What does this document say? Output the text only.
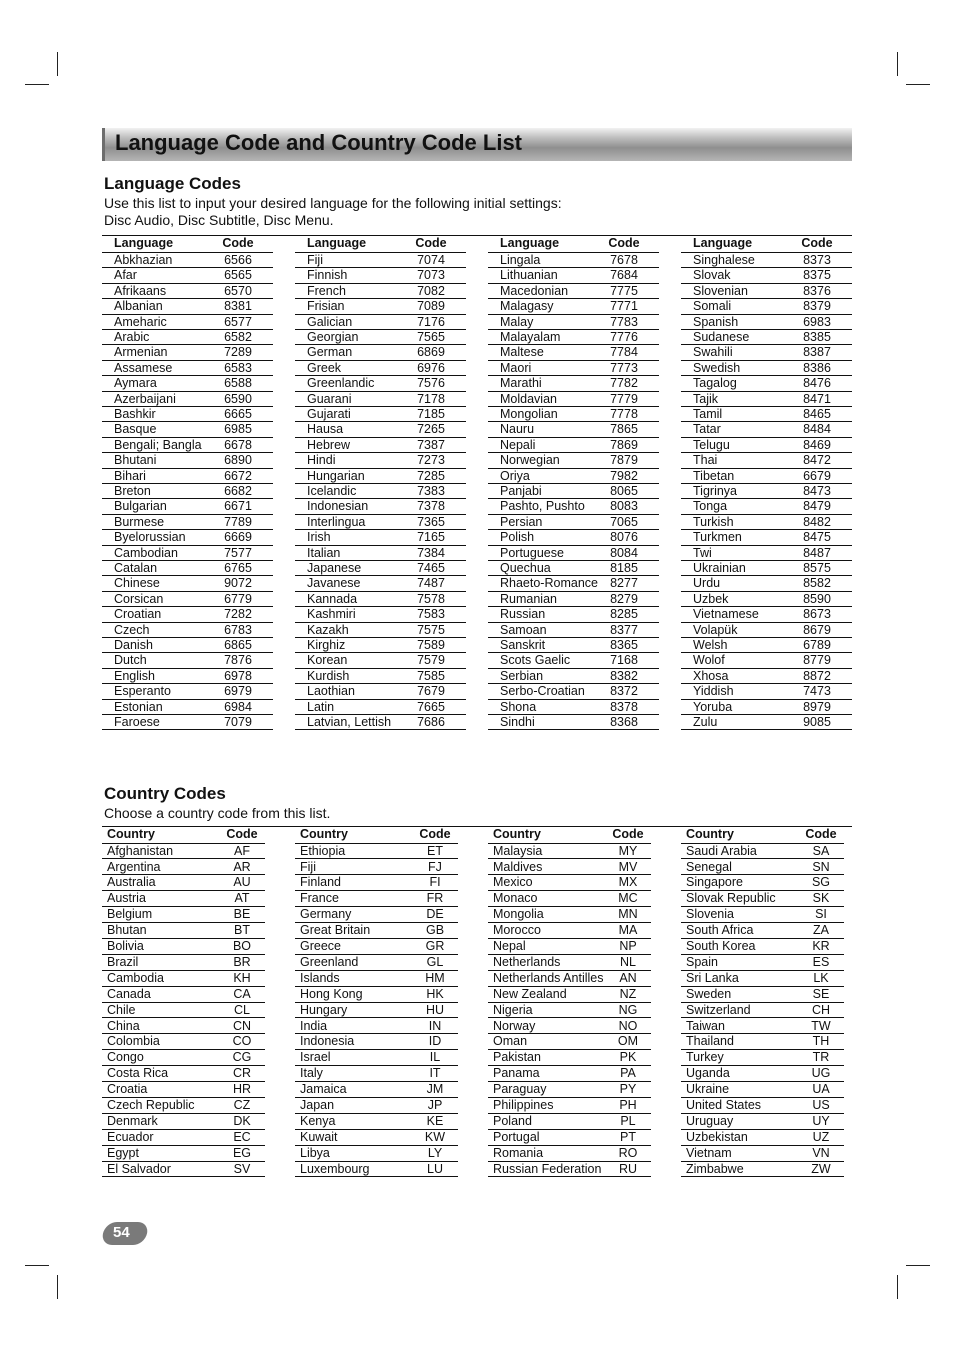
Language Code and Country Code List
Language Codes
Use this list to input your desired language for the following initial settings:
Disc Audio, Disc Subtitle, Disc Menu.
Language	Code
Abkhazian	6566
Afar	6565
Afrikaans	6570
Albanian	8381
Ameharic	6577
Arabic	6582
Armenian	7289
Assamese	6583
Aymara	6588
Azerbaijani	6590
Bashkir	6665
Basque	6985
Bengali; Bangla	6678
Bhutani	6890
Bihari	6672
Breton	6682
Bulgarian	6671
Burmese	7789
Byelorussian	6669
Cambodian	7577
Catalan	6765
Chinese	9072
Corsican	6779
Croatian	7282
Czech	6783
Danish	6865
Dutch	7876
English	6978
Esperanto	6979
Estonian	6984
Faroese	7079
Language	Code
Fiji	7074
Finnish	7073
French	7082
Frisian	7089
Galician	7176
Georgian	7565
German	6869
Greek	6976
Greenlandic	7576
Guarani	7178
Gujarati	7185
Hausa	7265
Hebrew	7387
Hindi	7273
Hungarian	7285
Icelandic	7383
Indonesian	7378
Interlingua	7365
Irish	7165
Italian	7384
Japanese	7465
Javanese	7487
Kannada	7578
Kashmiri	7583
Kazakh	7575
Kirghiz	7589
Korean	7579
Kurdish	7585
Laothian	7679
Latin	7665
Latvian, Lettish	7686
Language	Code
Lingala	7678
Lithuanian	7684
Macedonian	7775
Malagasy	7771
Malay	7783
Malayalam	7776
Maltese	7784
Maori	7773
Marathi	7782
Moldavian	7779
Mongolian	7778
Nauru	7865
Nepali	7869
Norwegian	7879
Oriya	7982
Panjabi	8065
Pashto, Pushto	8083
Persian	7065
Polish	8076
Portuguese	8084
Quechua	8185
Rhaeto-Romance 8277
Rumanian	8279
Russian	8285
Samoan	8377
Sanskrit	8365
Scots Gaelic	7168
Serbian	8382
Serbo-Croatian	8372
Shona	8378
Sindhi	8368
Language	Code
Singhalese	8373
Slovak	8375
Slovenian	8376
Somali	8379
Spanish	6983
Sudanese	8385
Swahili	8387
Swedish	8386
Tagalog	8476
Tajik	8471
Tamil	8465
Tatar	8484
Telugu	8469
Thai	8472
Tibetan	6679
Tigrinya	8473
Tonga	8479
Turkish	8482
Turkmen	8475
Twi	8487
Ukrainian	8575
Urdu	8582
Uzbek	8590
Vietnamese	8673
Volapük	8679
Welsh	6789
Wolof	8779
Xhosa	8872
Yiddish	7473
Yoruba	8979
Zulu	9085
Country Codes
Choose a country code from this list.
Country	Code
Afghanistan	AF
Argentina	AR
Australia	AU
Austria	AT
Belgium	BE
Bhutan	BT
Bolivia	BO
Brazil	BR
Cambodia	KH
Canada	CA
Chile	CL
China	CN
Colombia	CO
Congo	CG
Costa Rica	CR
Croatia	HR
Czech Republic	CZ
Denmark	DK
Ecuador	EC
Egypt	EG
El Salvador	SV
Country	Code
Ethiopia	ET
Fiji	FJ
Finland	FI
France	FR
Germany	DE
Great Britain	GB
Greece	GR
Greenland	GL
Islands	HM
Hong Kong	HK
Hungary	HU
India	IN
Indonesia	ID
Israel	IL
Italy	IT
Jamaica	JM
Japan	JP
Kenya	KE
Kuwait	KW
Libya	LY
Luxembourg	LU
Country	Code
Malaysia	MY
Maldives	MV
Mexico	MX
Monaco	MC
Mongolia	MN
Morocco	MA
Nepal	NP
Netherlands	NL
Netherlands Antilles	AN
New Zealand	NZ
Nigeria	NG
Norway	NO
Oman	OM
Pakistan	PK
Panama	PA
Paraguay	PY
Philippines	PH
Poland	PL
Portugal	PT
Romania	RO
Russian Federation	RU
Country	Code
Saudi Arabia	SA
Senegal	SN
Singapore	SG
Slovak Republic	SK
Slovenia	SI
South Africa	ZA
South Korea	KR
Spain	ES
Sri Lanka	LK
Sweden	SE
Switzerland	CH
Taiwan	TW
Thailand	TH
Turkey	TR
Uganda	UG
Ukraine	UA
United States	US
Uruguay	UY
Uzbekistan	UZ
Vietnam	VN
Zimbabwe	ZW
54
